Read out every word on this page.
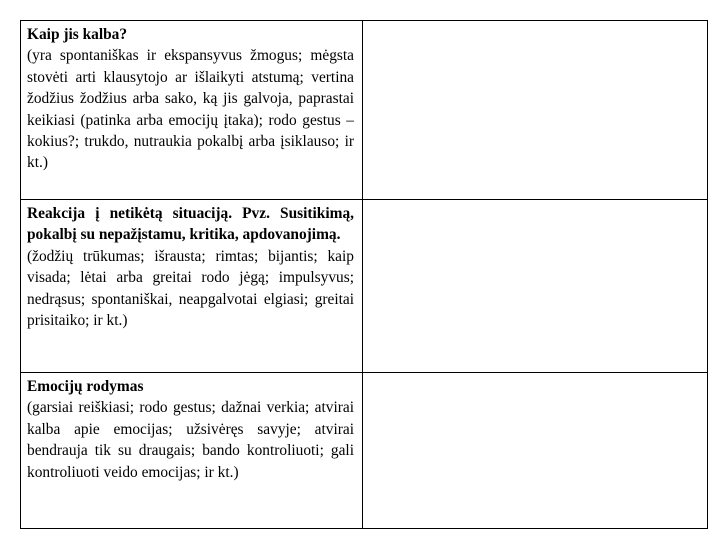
Kaip jis kalba?
(yra spontaniškas ir ekspansyvus žmogus; mėgsta stovėti arti klausytojo ar išlaikyti atstumą; vertina žodžius žodžius arba sako, ką jis galvoja, paprastai keikiasi (patinka arba emocijų įtaka); rodo gestus – kokius?; trukdo, nutraukia pokalbį arba įsiklauso; ir kt.)	

Reakcija į netikėtą situaciją. Pvz. Susitikimą, pokalbį su nepažįstamu, kritika, apdovanojimą.
(žodžių trūkumas; išrausta; rimtas; bijantis; kaip visada; lėtai arba greitai rodo jėgą; impulsyvus; nedrąsus; spontaniškai, neapgalvotai elgiasi; greitai prisitaiko; ir kt.)	

Emocijų rodymas
(garsiai reiškiasi; rodo gestus; dažnai verkia; atvirai kalba apie emocijas; užsivėręs savyje; atvirai bendrauja tik su draugais; bando kontroliuoti; gali kontroliuoti veido emocijas; ir kt.)	
